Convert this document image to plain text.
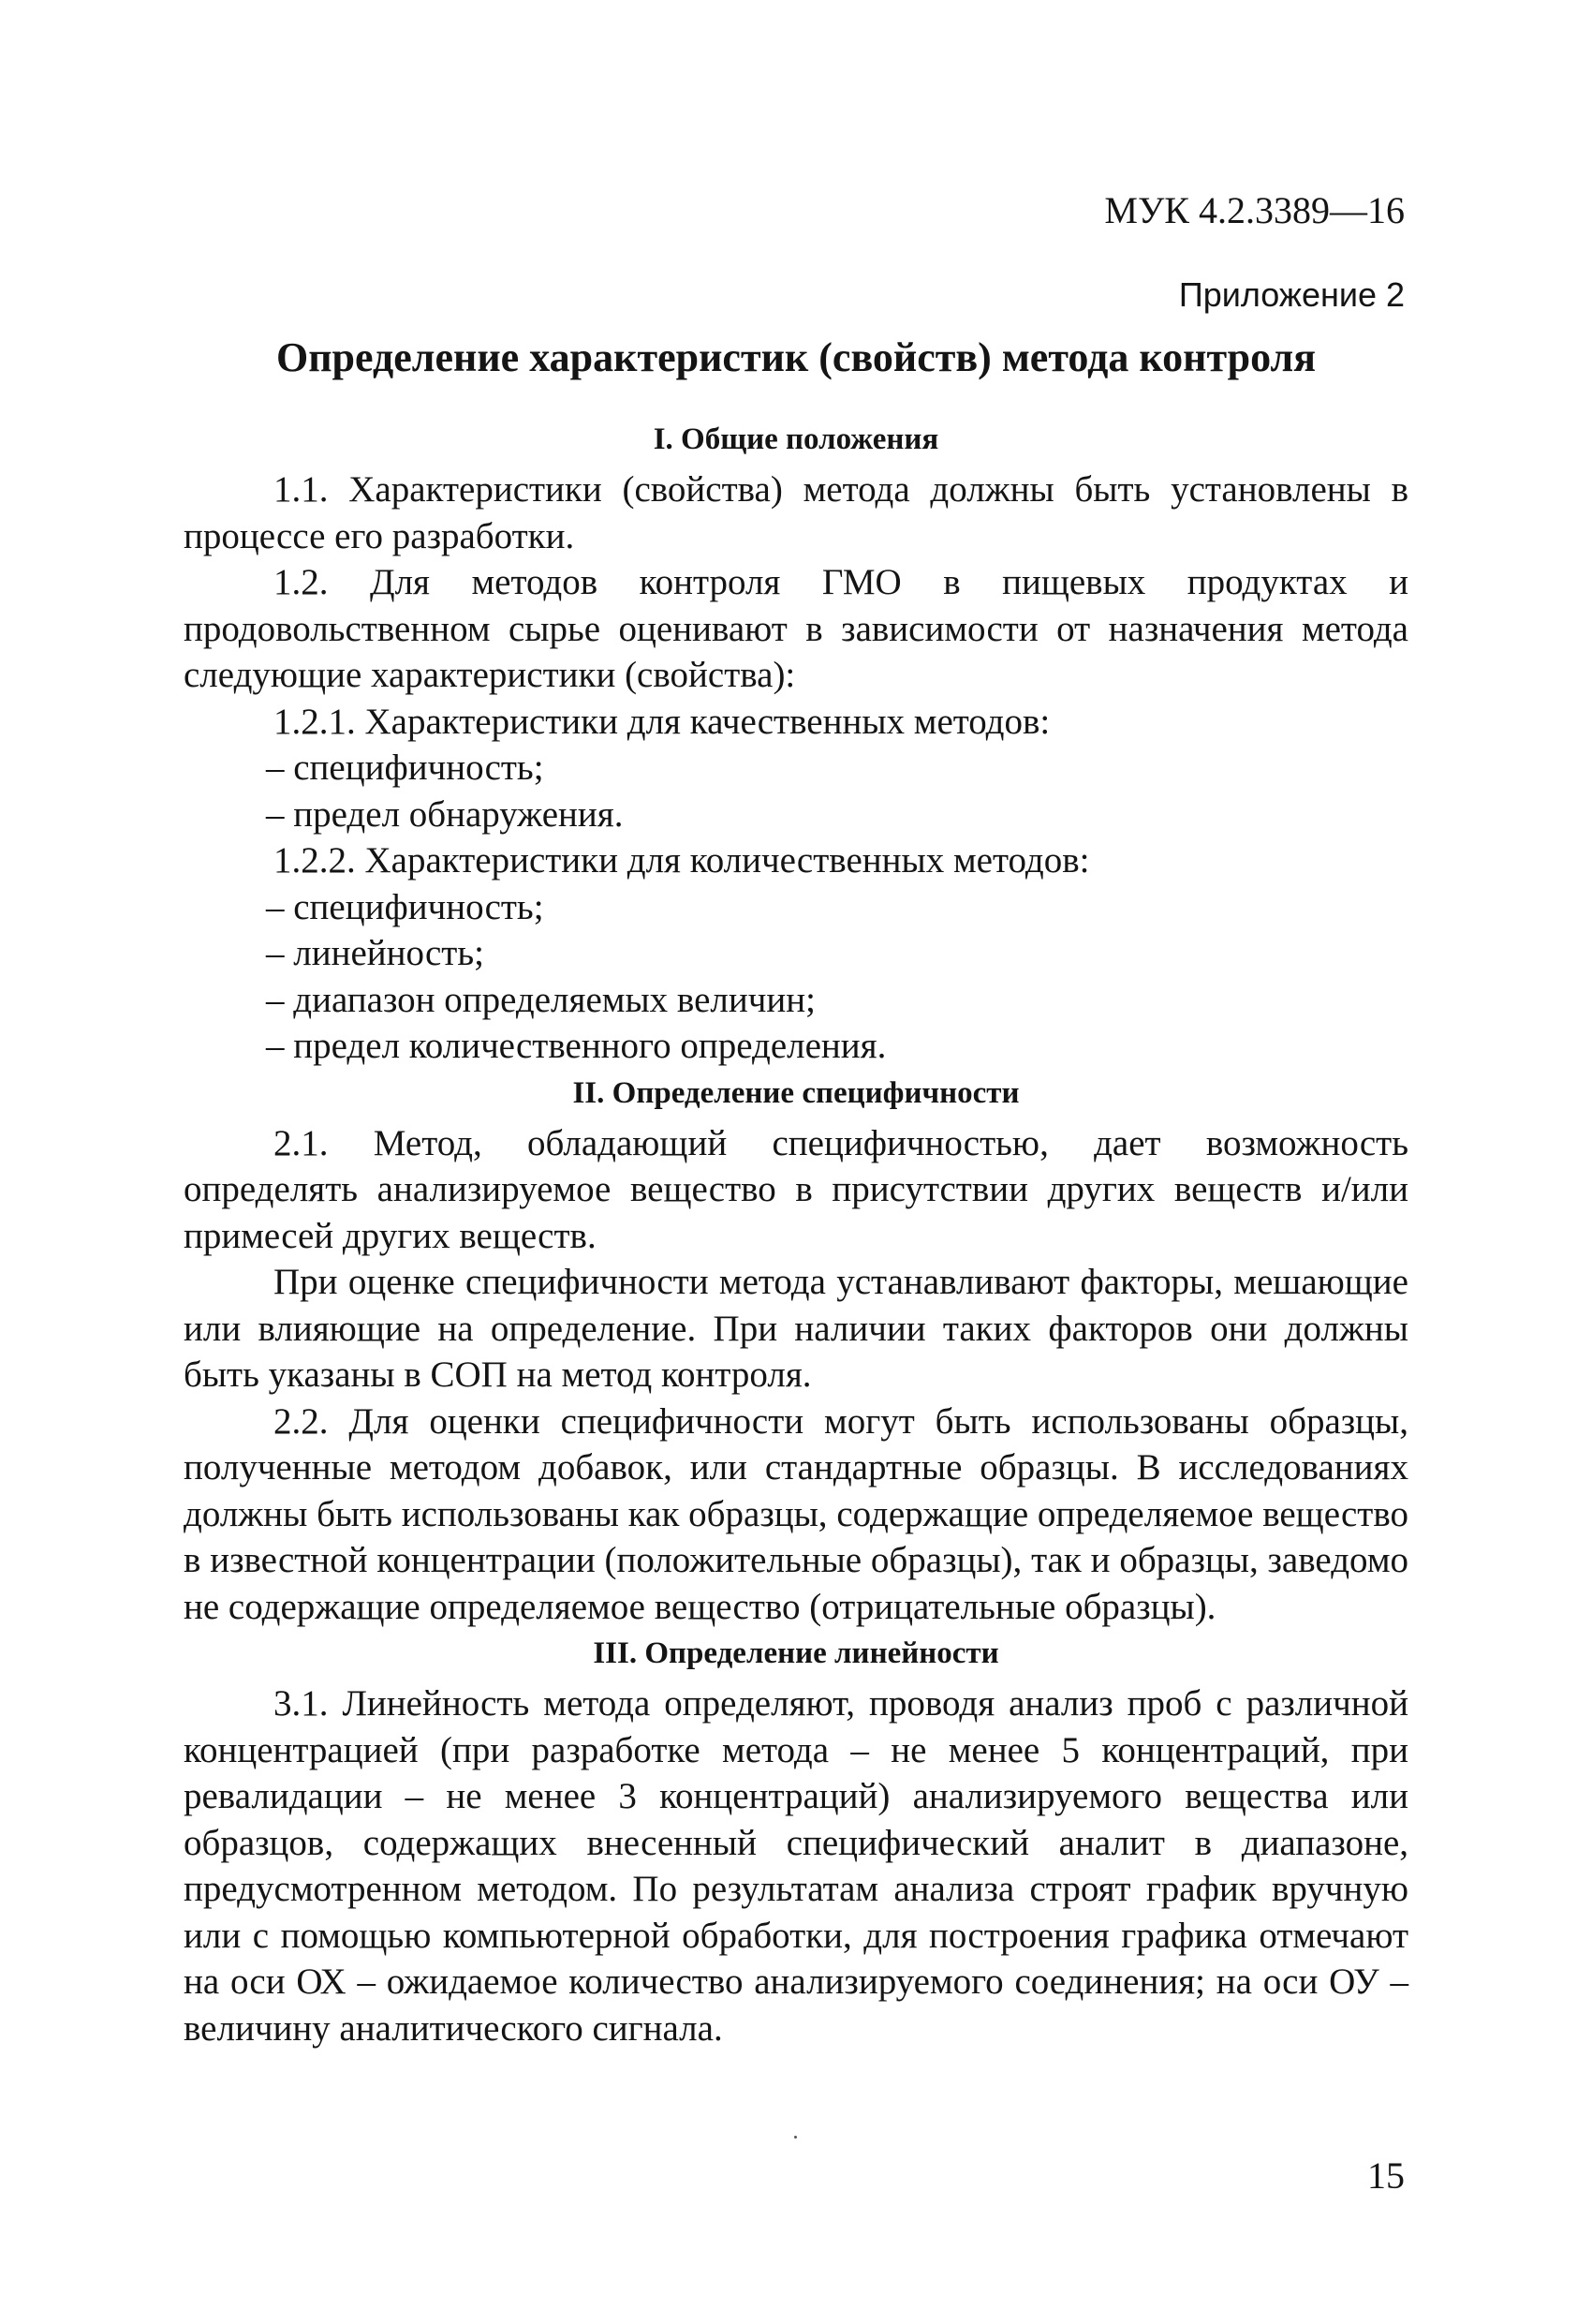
МУК 4.2.3389—16
Приложение 2
Определение характеристик (свойств) метода контроля
I. Общие положения

1.1. Характеристики (свойства) метода должны быть установлены в процессе его разработки.

1.2. Для методов контроля ГМО в пищевых продуктах и продовольственном сырье оценивают в зависимости от назначения метода следующие характеристики (свойства):

1.2.1. Характеристики для качественных методов:

– специфичность;

– предел обнаружения.

1.2.2. Характеристики для количественных методов:

– специфичность;

– линейность;

– диапазон определяемых величин;

– предел количественного определения.

II. Определение специфичности

2.1. Метод, обладающий специфичностью, дает возможность определять анализируемое вещество в присутствии других веществ и/или примесей других веществ.

При оценке специфичности метода устанавливают факторы, мешающие или влияющие на определение. При наличии таких факторов они должны быть указаны в СОП на метод контроля.

2.2. Для оценки специфичности могут быть использованы образцы, полученные методом добавок, или стандартные образцы. В исследованиях должны быть использованы как образцы, содержащие определяемое вещество в известной концентрации (положительные образцы), так и образцы, заведомо не содержащие определяемое вещество (отрицательные образцы).

III. Определение линейности

3.1. Линейность метода определяют, проводя анализ проб с различной концентрацией (при разработке метода – не менее 5 концентраций, при ревалидации – не менее 3 концентраций) анализируемого вещества или образцов, содержащих внесенный специфический аналит в диапазоне, предусмотренном методом. По результатам анализа строят график вручную или с помощью компьютерной обработки, для построения графика отмечают на оси ОХ – ожидаемое количество анализируемого соединения; на оси ОУ – величину аналитического сигнала.

15
